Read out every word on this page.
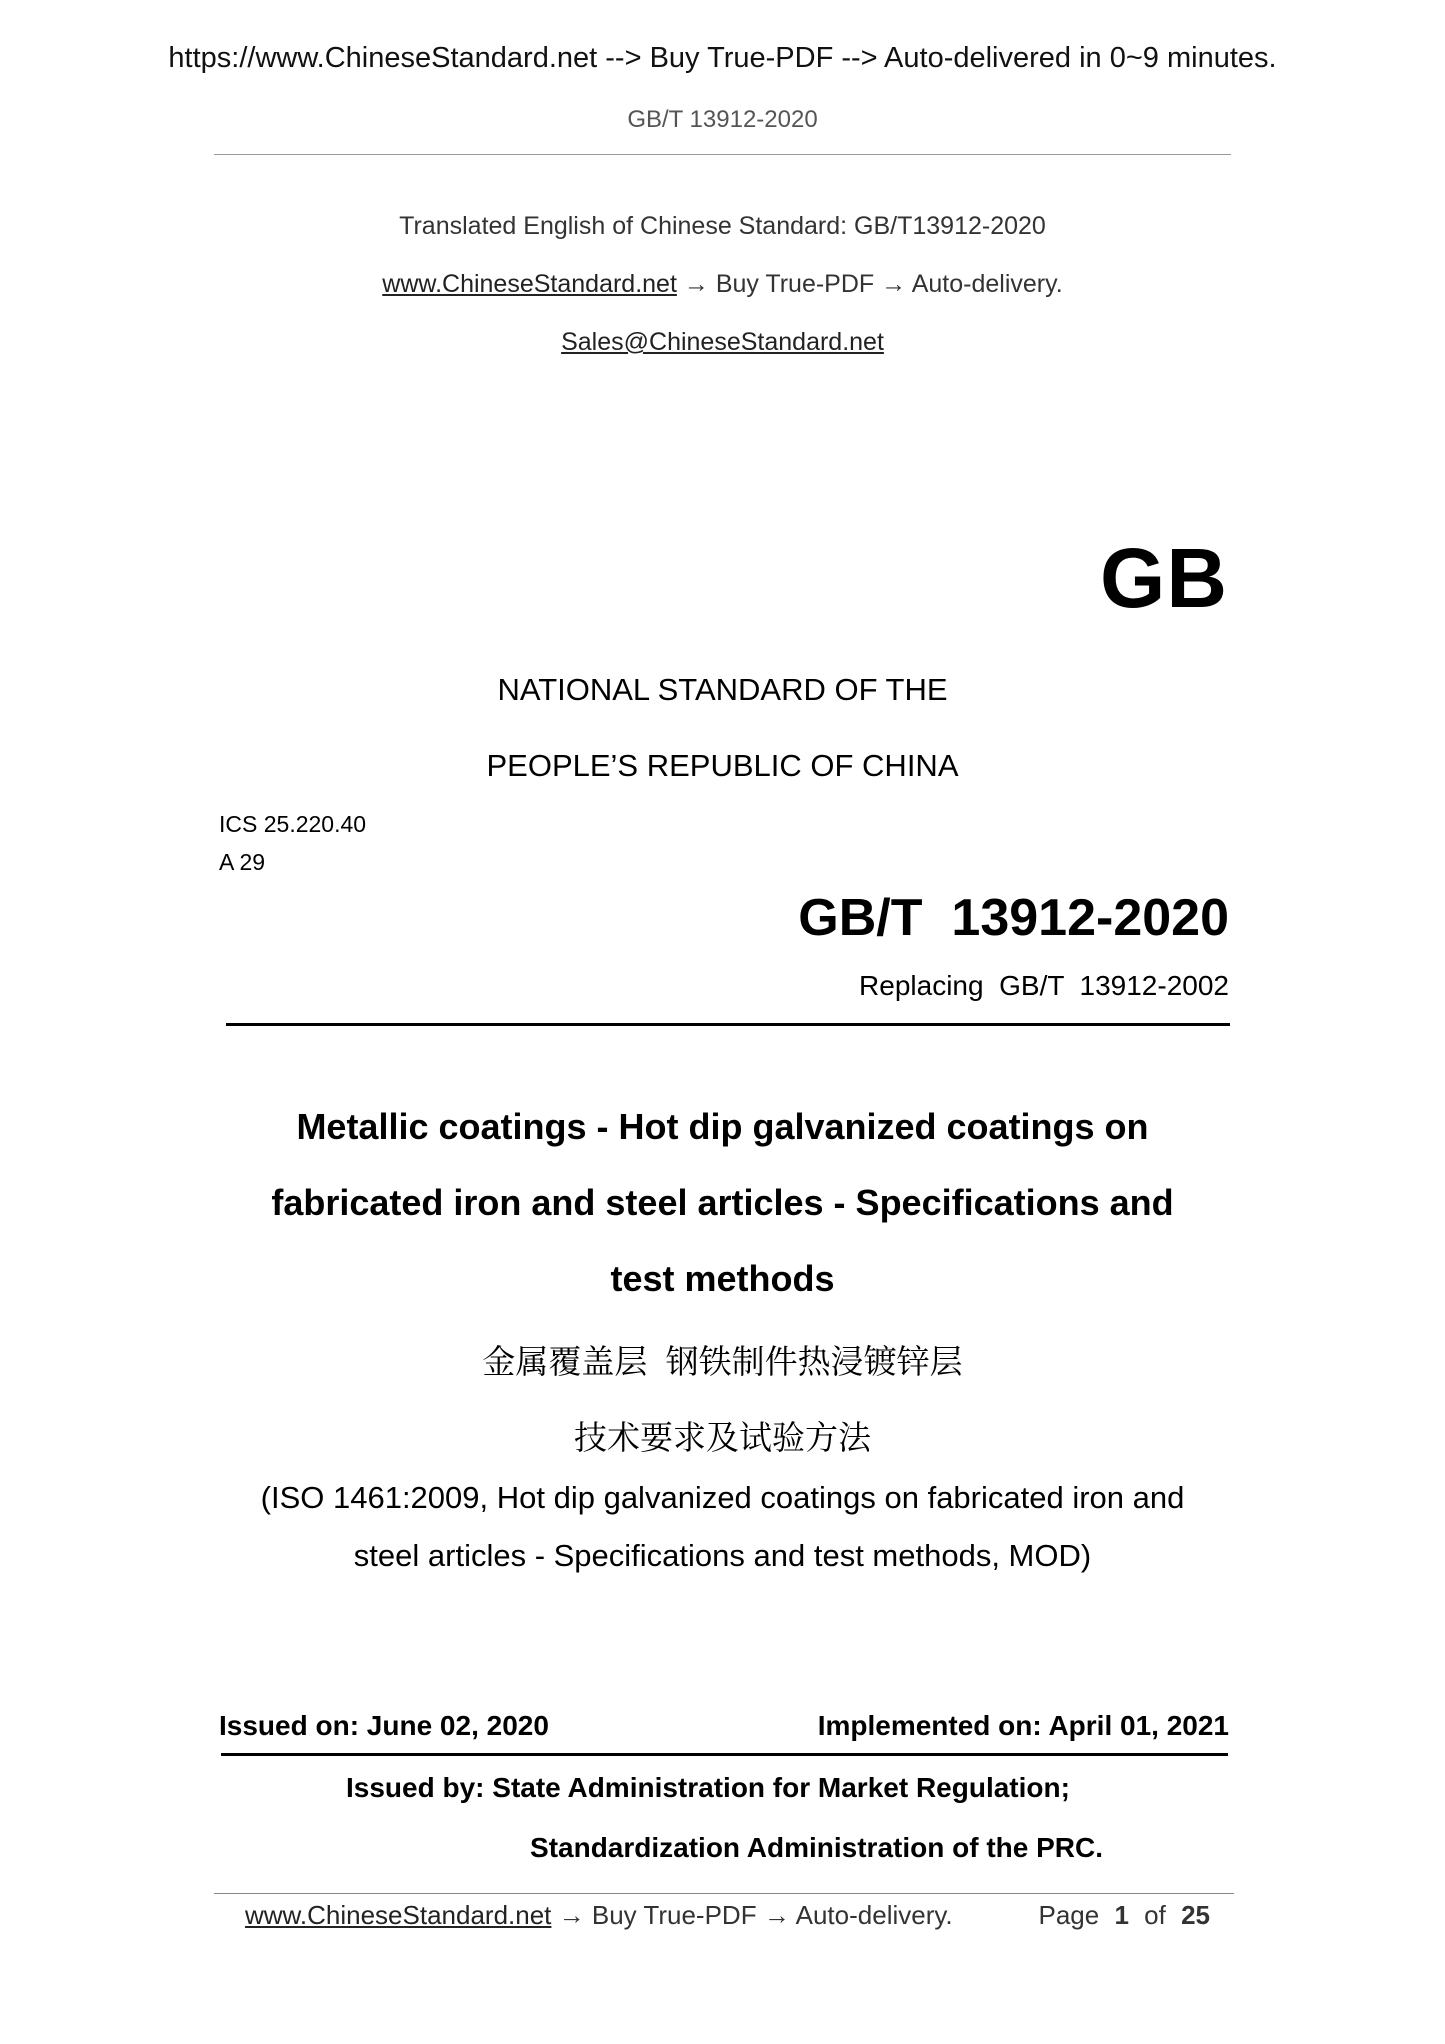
https://www.ChineseStandard.net --> Buy True-PDF --> Auto-delivered in 0~9 minutes.
GB/T 13912-2020
Translated English of Chinese Standard: GB/T13912-2020
www.ChineseStandard.net → Buy True-PDF → Auto-delivery.
Sales@ChineseStandard.net
GB
NATIONAL STANDARD OF THE
PEOPLE’S REPUBLIC OF CHINA
ICS 25.220.40
A 29
GB/T  13912-2020
Replacing  GB/T  13912-2002
Metallic coatings - Hot dip galvanized coatings on
fabricated iron and steel articles - Specifications and
test methods
金属覆盖层  钢铁制件热浸镀锌层
技术要求及试验方法
(ISO 1461:2009, Hot dip galvanized coatings on fabricated iron and
steel articles - Specifications and test methods, MOD)
Issued on: June 02, 2020	Implemented on: April 01, 2021
Issued by: State Administration for Market Regulation;
Standardization Administration of the PRC.
www.ChineseStandard.net → Buy True-PDF → Auto-delivery.	Page 1 of 25
